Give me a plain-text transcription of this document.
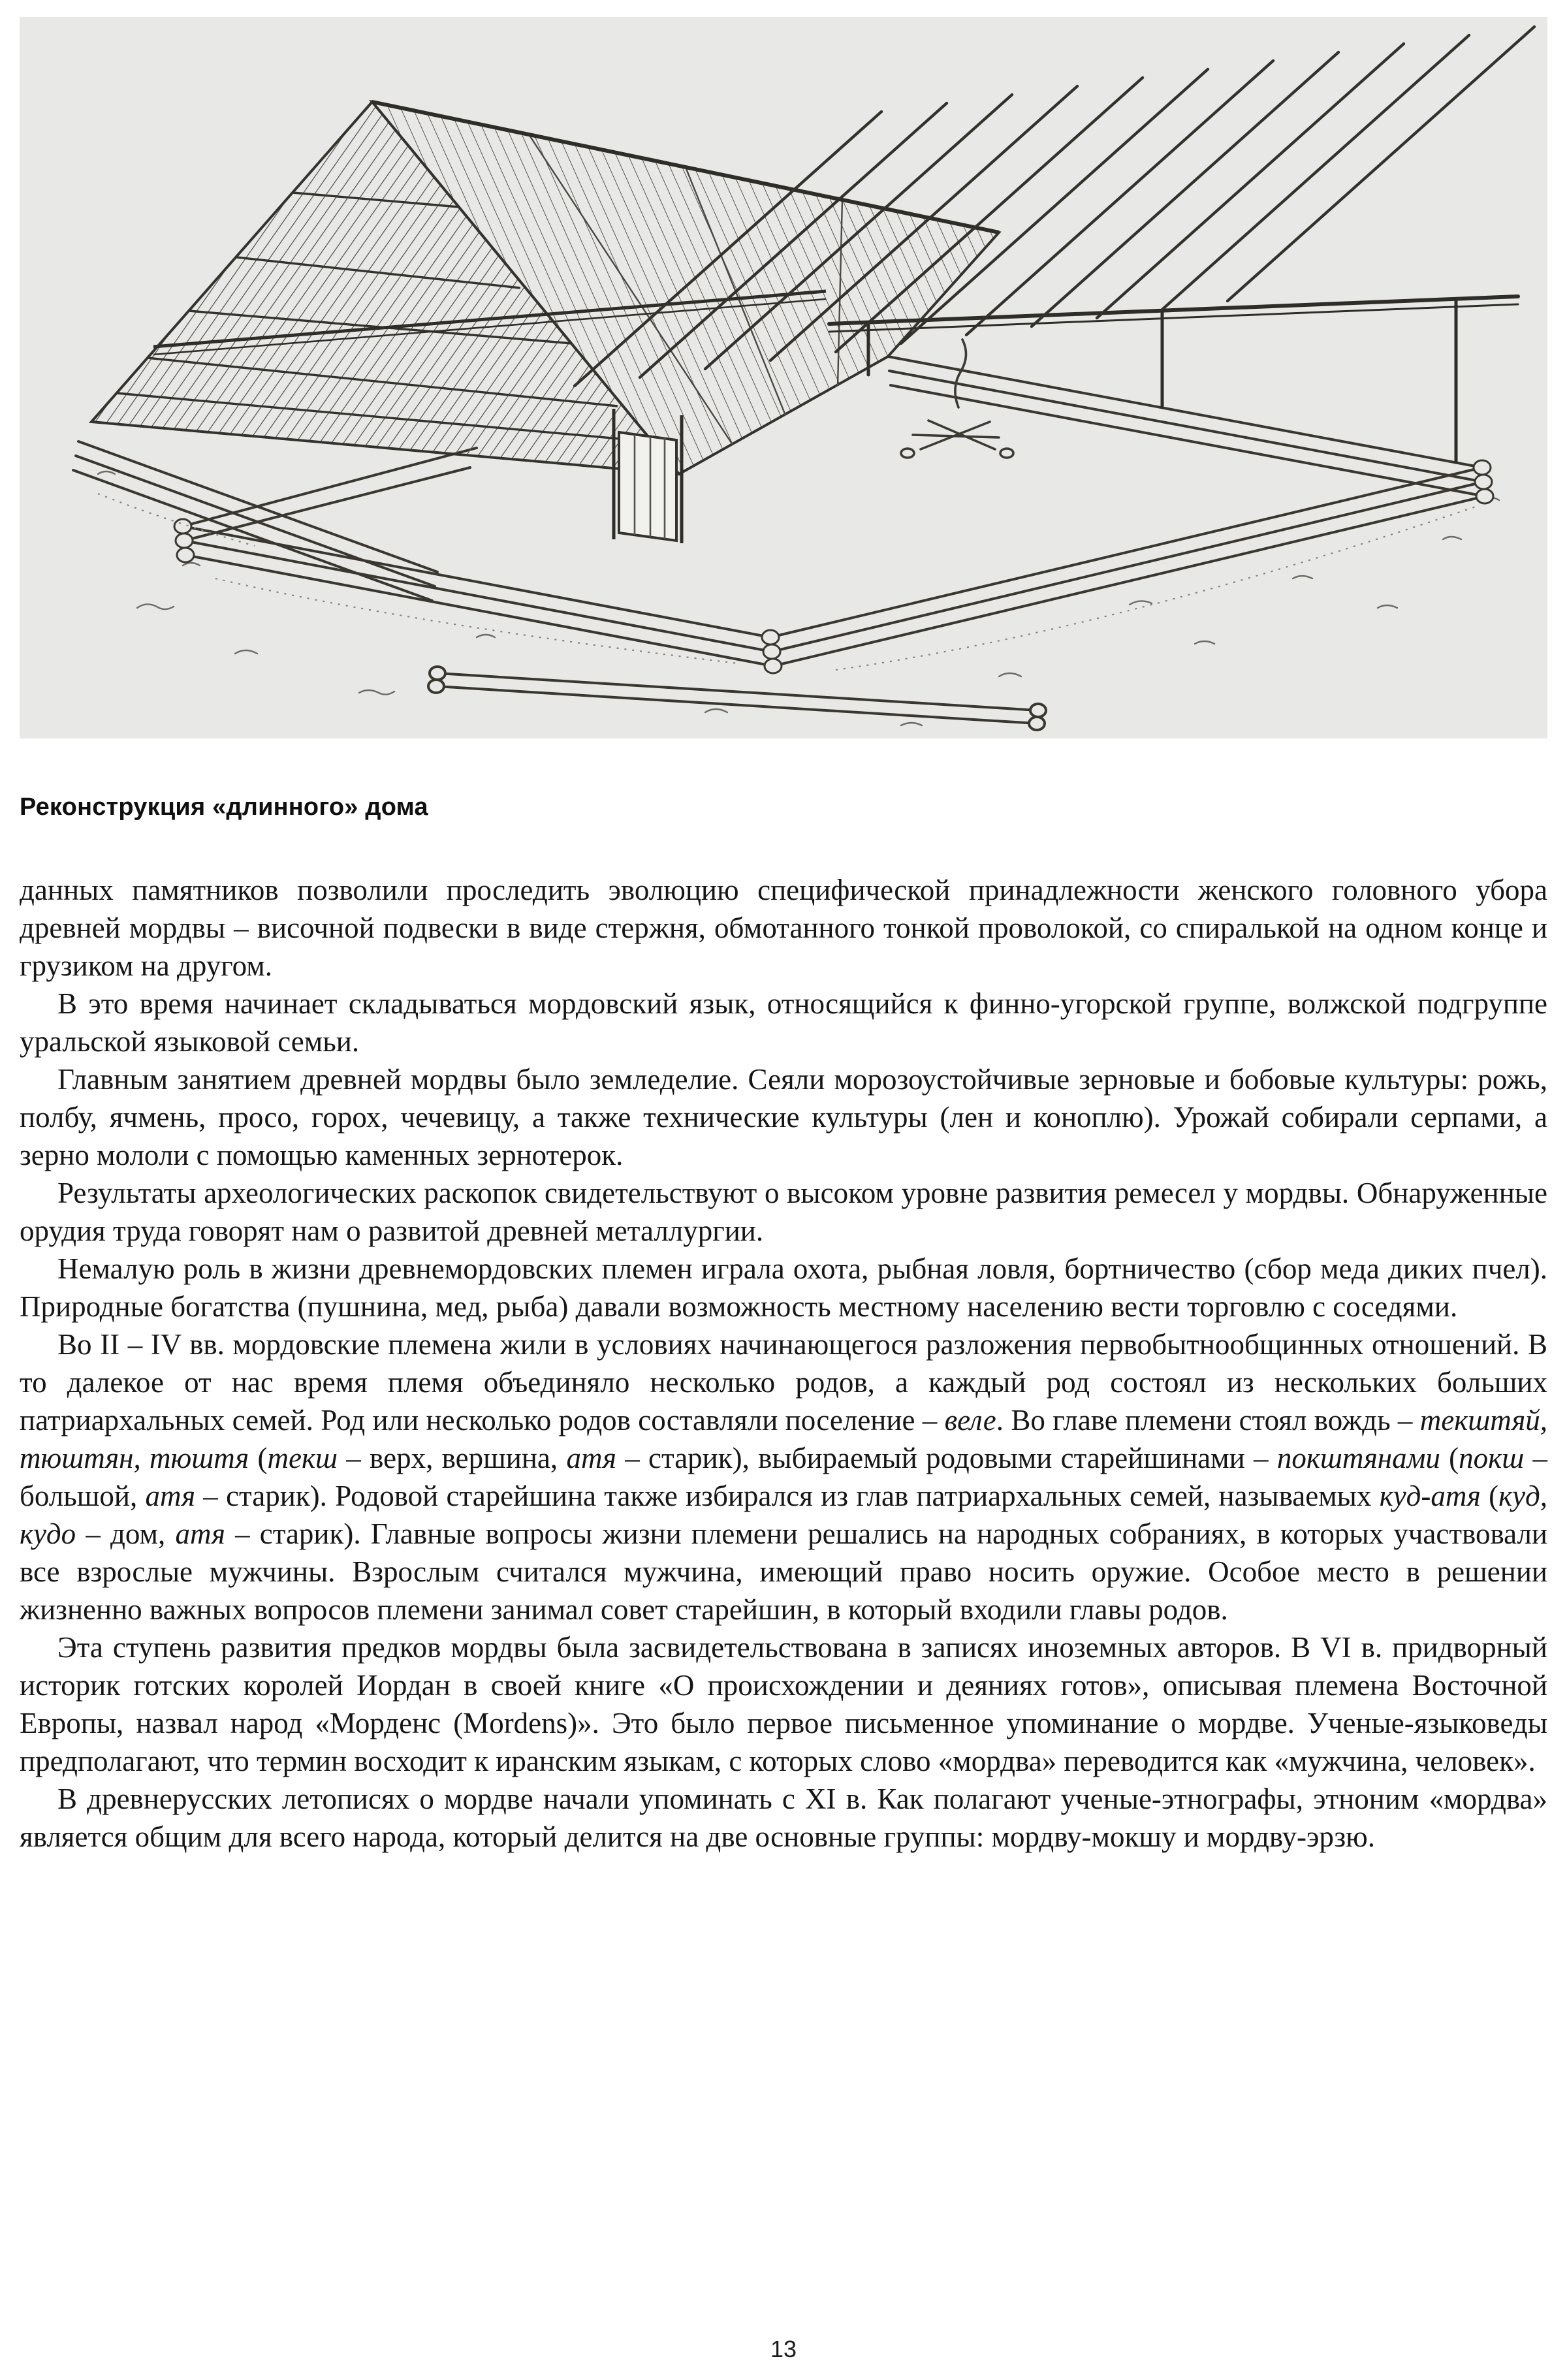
Реконструкция «длинного» дома

данных памятников позволили проследить эволюцию специфической принадлежности женского головного убора древней мордвы – височной подвески в виде стержня, обмотанного тонкой проволокой, со спиралькой на одном конце и грузиком на другом.

В это время начинает складываться мордовский язык, относящийся к финно-угорской группе, волжской подгруппе уральской языковой семьи.

Главным занятием древней мордвы было земледелие. Сеяли морозоустойчивые зерновые и бобовые культуры: рожь, полбу, ячмень, просо, горох, чечевицу, а также технические культуры (лен и коноплю). Урожай собирали серпами, а зерно мололи с помощью каменных зернотерок.

Результаты археологических раскопок свидетельствуют о высоком уровне развития ремесел у мордвы. Обнаруженные орудия труда говорят нам о развитой древней металлургии.

Немалую роль в жизни древнемордовских племен играла охота, рыбная ловля, бортничество (сбор меда диких пчел). Природные богатства (пушнина, мед, рыба) давали возможность местному населению вести торговлю с соседями.

Во II – IV вв. мордовские племена жили в условиях начинающегося разложения первобытнообщинных отношений. В то далекое от нас время племя объединяло несколько родов, а каждый род состоял из нескольких больших патриархальных семей. Род или несколько родов составляли поселение – веле. Во главе племени стоял вождь – текштяй, тюштян, тюштя (текш – верх, вершина, атя – старик), выбираемый родовыми старейшинами – покштянами (покш – большой, атя – старик). Родовой старейшина также избирался из глав патриархальных семей, называемых куд-атя (куд, кудо – дом, атя – старик). Главные вопросы жизни племени решались на народных собраниях, в которых участвовали все взрослые мужчины. Взрослым считался мужчина, имеющий право носить оружие. Особое место в решении жизненно важных вопросов племени занимал совет старейшин, в который входили главы родов.

Эта ступень развития предков мордвы была засвидетельствована в записях иноземных авторов. В VI в. придворный историк готских королей Иордан в своей книге «О происхождении и деяниях готов», описывая племена Восточной Европы, назвал народ «Морденс (Mordens)». Это было первое письменное упоминание о мордве. Ученые-языковеды предполагают, что термин восходит к иранским языкам, с которых слово «мордва» переводится как «мужчина, человек».

В древнерусских летописях о мордве начали упоминать с XI в. Как полагают ученые-этнографы, этноним «мордва» является общим для всего народа, который делится на две основные группы: мордву-мокшу и мордву-эрзю.

13
